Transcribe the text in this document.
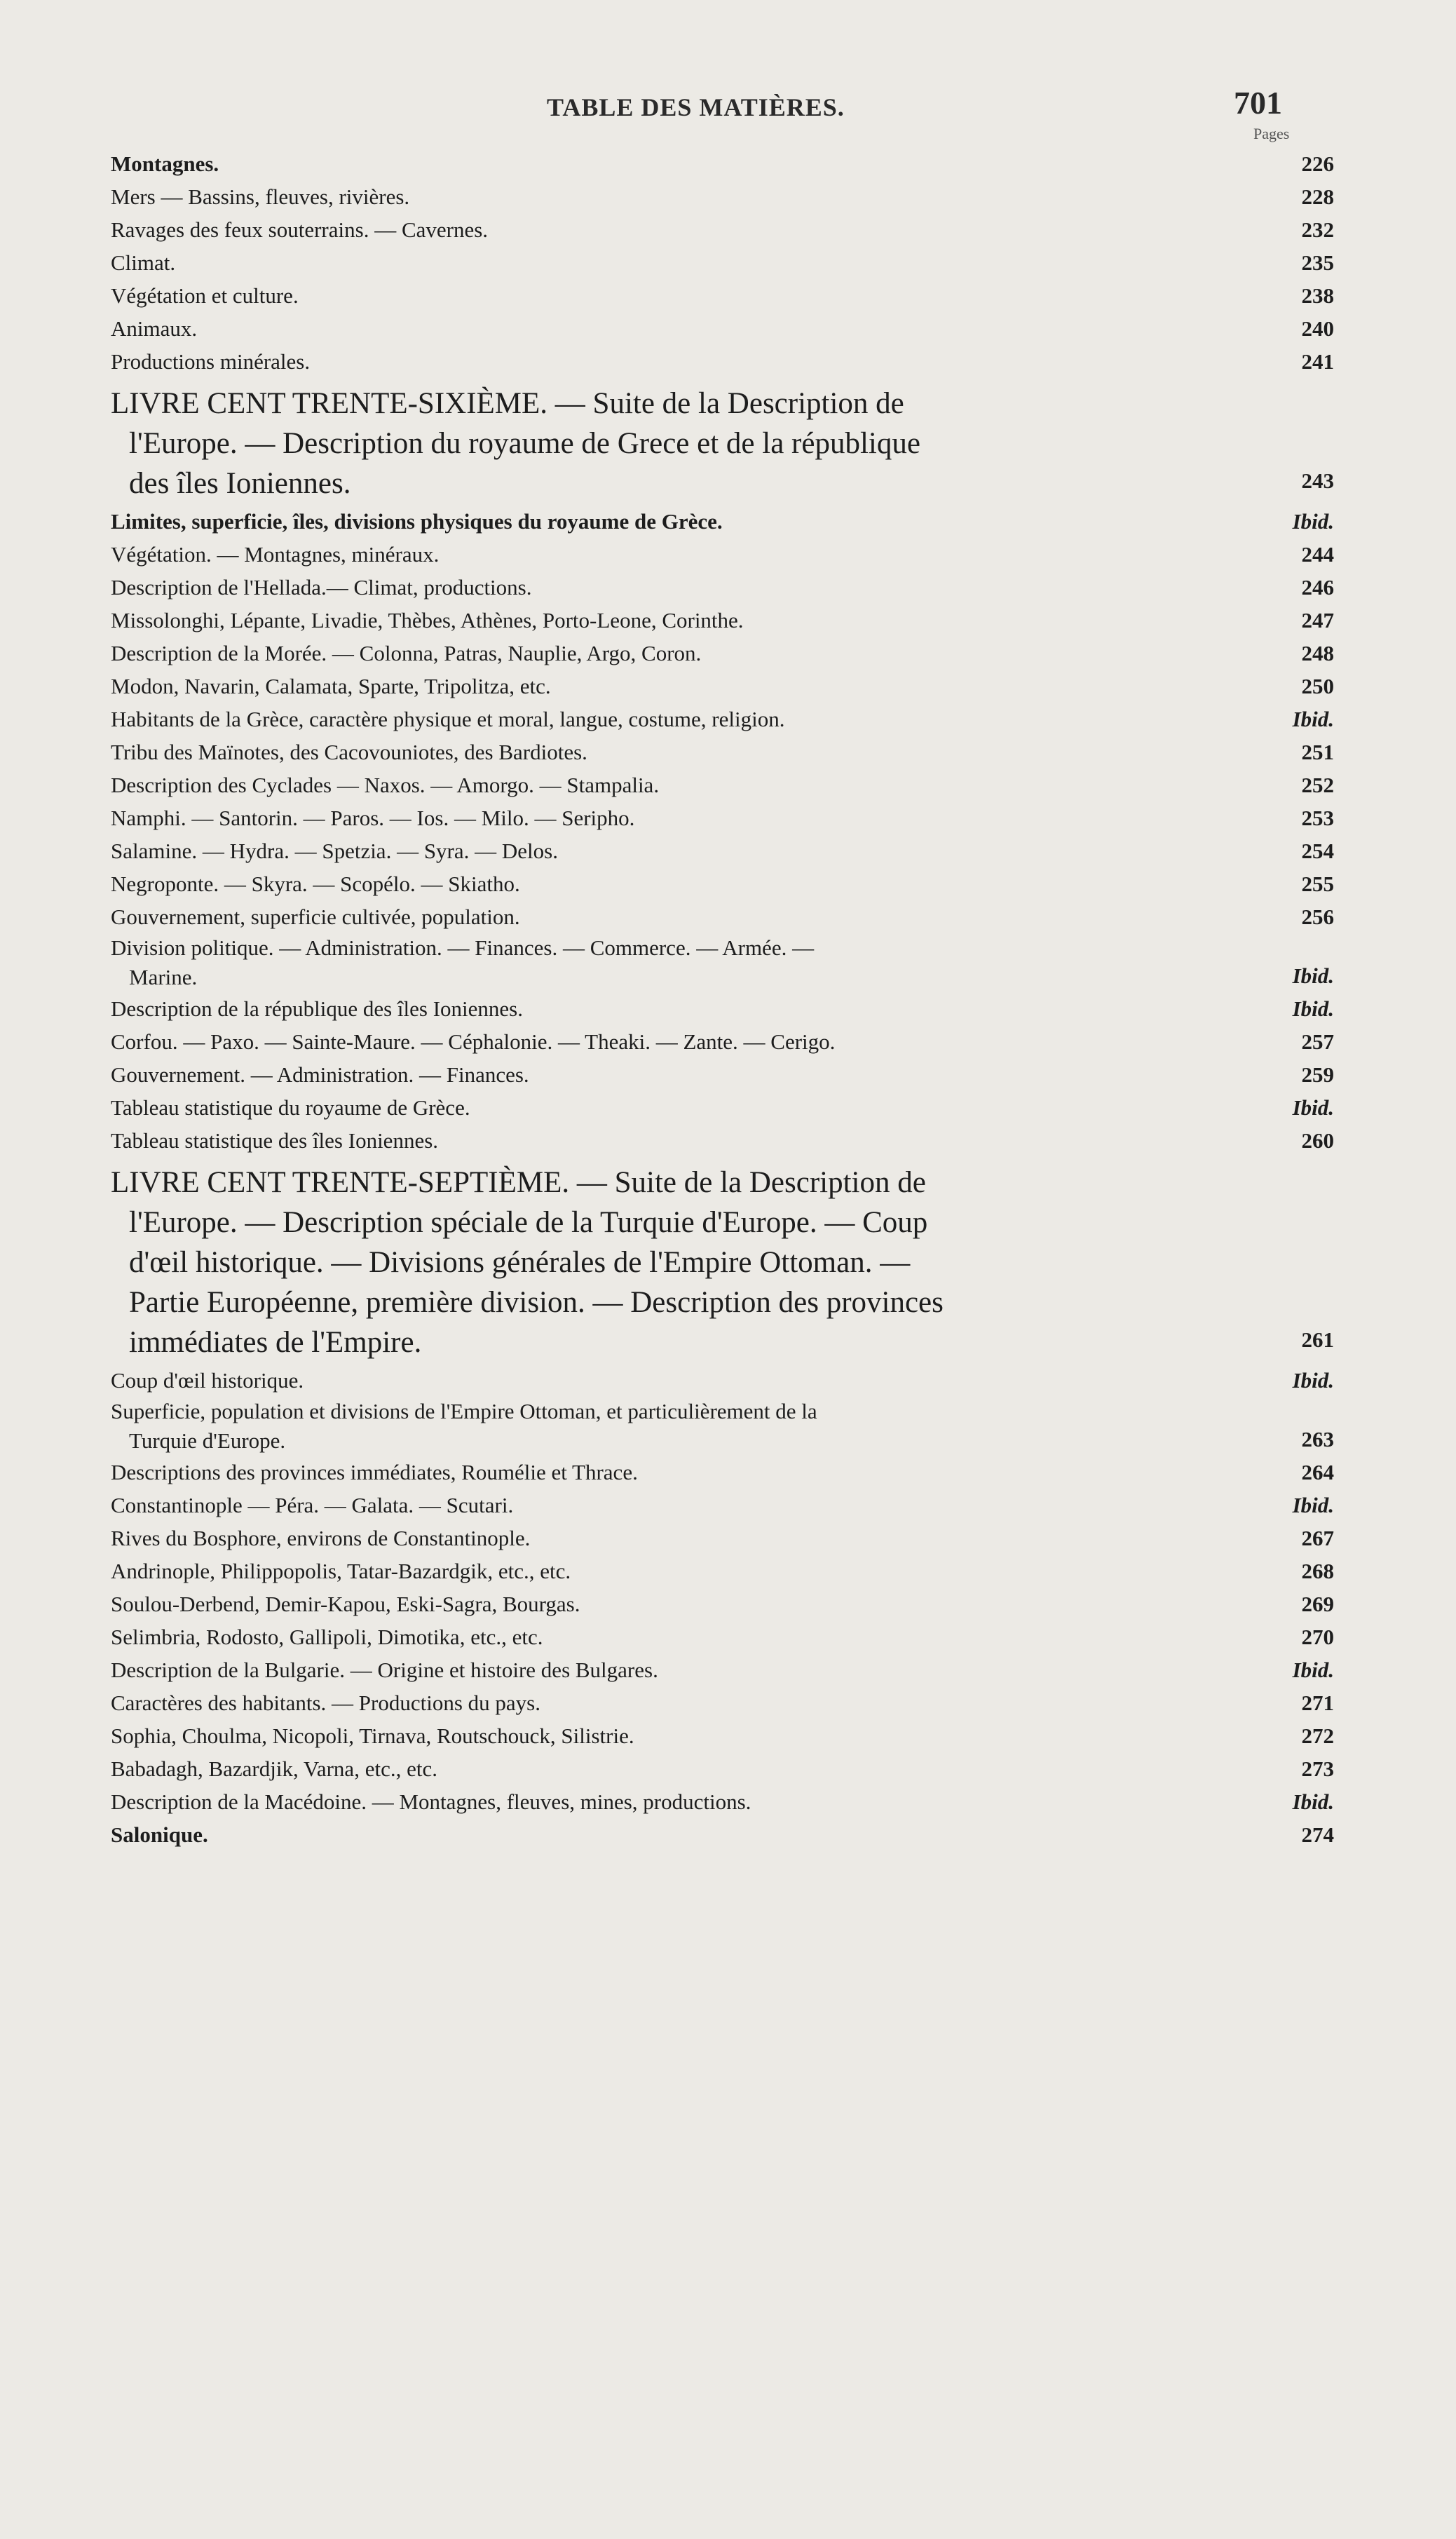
TABLE DES MATIÈRES.	701
Pages
Montagnes.	226
Mers — Bassins, fleuves, rivières.	228
Ravages des feux souterrains. — Cavernes.	232
Climat.	235
Végétation et culture.	238
Animaux.	240
Productions minérales.	241
LIVRE CENT TRENTE-SIXIÈME. — Suite de la Description de
l'Europe. — Description du royaume de Grece et de la république
des îles Ioniennes.	243
Limites, superficie, îles, divisions physiques du royaume de Grèce.	Ibid.
Végétation. — Montagnes, minéraux.	244
Description de l'Hellada.— Climat, productions.	246
Missolonghi, Lépante, Livadie, Thèbes, Athènes, Porto-Leone, Corinthe.	247
Description de la Morée. — Colonna, Patras, Nauplie, Argo, Coron.	248
Modon, Navarin, Calamata, Sparte, Tripolitza, etc.	250
Habitants de la Grèce, caractère physique et moral, langue, costume, religion.	Ibid.
Tribu des Maïnotes, des Cacovouniotes, des Bardiotes.	251
Description des Cyclades — Naxos. — Amorgo. — Stampalia.	252
Namphi. — Santorin. — Paros. — Ios. — Milo. — Seripho.	253
Salamine. — Hydra. — Spetzia. — Syra. — Delos.	254
Negroponte. — Skyra. — Scopélo. — Skiatho.	255
Gouvernement, superficie cultivée, population.	256
Division politique. — Administration. — Finances. — Commerce. — Armée. —
Marine.	Ibid.
Description de la république des îles Ioniennes.	Ibid.
Corfou. — Paxo. — Sainte-Maure. — Céphalonie. — Theaki. — Zante. — Cerigo.	257
Gouvernement. — Administration. — Finances.	259
Tableau statistique du royaume de Grèce.	Ibid.
Tableau statistique des îles Ioniennes.	260
LIVRE CENT TRENTE-SEPTIÈME. — Suite de la Description de
l'Europe. — Description spéciale de la Turquie d'Europe. — Coup
d'œil historique. — Divisions générales de l'Empire Ottoman. —
Partie Européenne, première division. — Description des provinces
immédiates de l'Empire.	261
Coup d'œil historique.	Ibid.
Superficie, population et divisions de l'Empire Ottoman, et particulièrement de la
Turquie d'Europe.	263
Descriptions des provinces immédiates, Roumélie et Thrace.	264
Constantinople — Péra. — Galata. — Scutari.	Ibid.
Rives du Bosphore, environs de Constantinople.	267
Andrinople, Philippopolis, Tatar-Bazardgik, etc., etc.	268
Soulou-Derbend, Demir-Kapou, Eski-Sagra, Bourgas.	269
Selimbria, Rodosto, Gallipoli, Dimotika, etc., etc.	270
Description de la Bulgarie. — Origine et histoire des Bulgares.	Ibid.
Caractères des habitants. — Productions du pays.	271
Sophia, Choulma, Nicopoli, Tirnava, Routschouck, Silistrie.	272
Babadagh, Bazardjik, Varna, etc., etc.	273
Description de la Macédoine. — Montagnes, fleuves, mines, productions.	Ibid.
Salonique.	274
